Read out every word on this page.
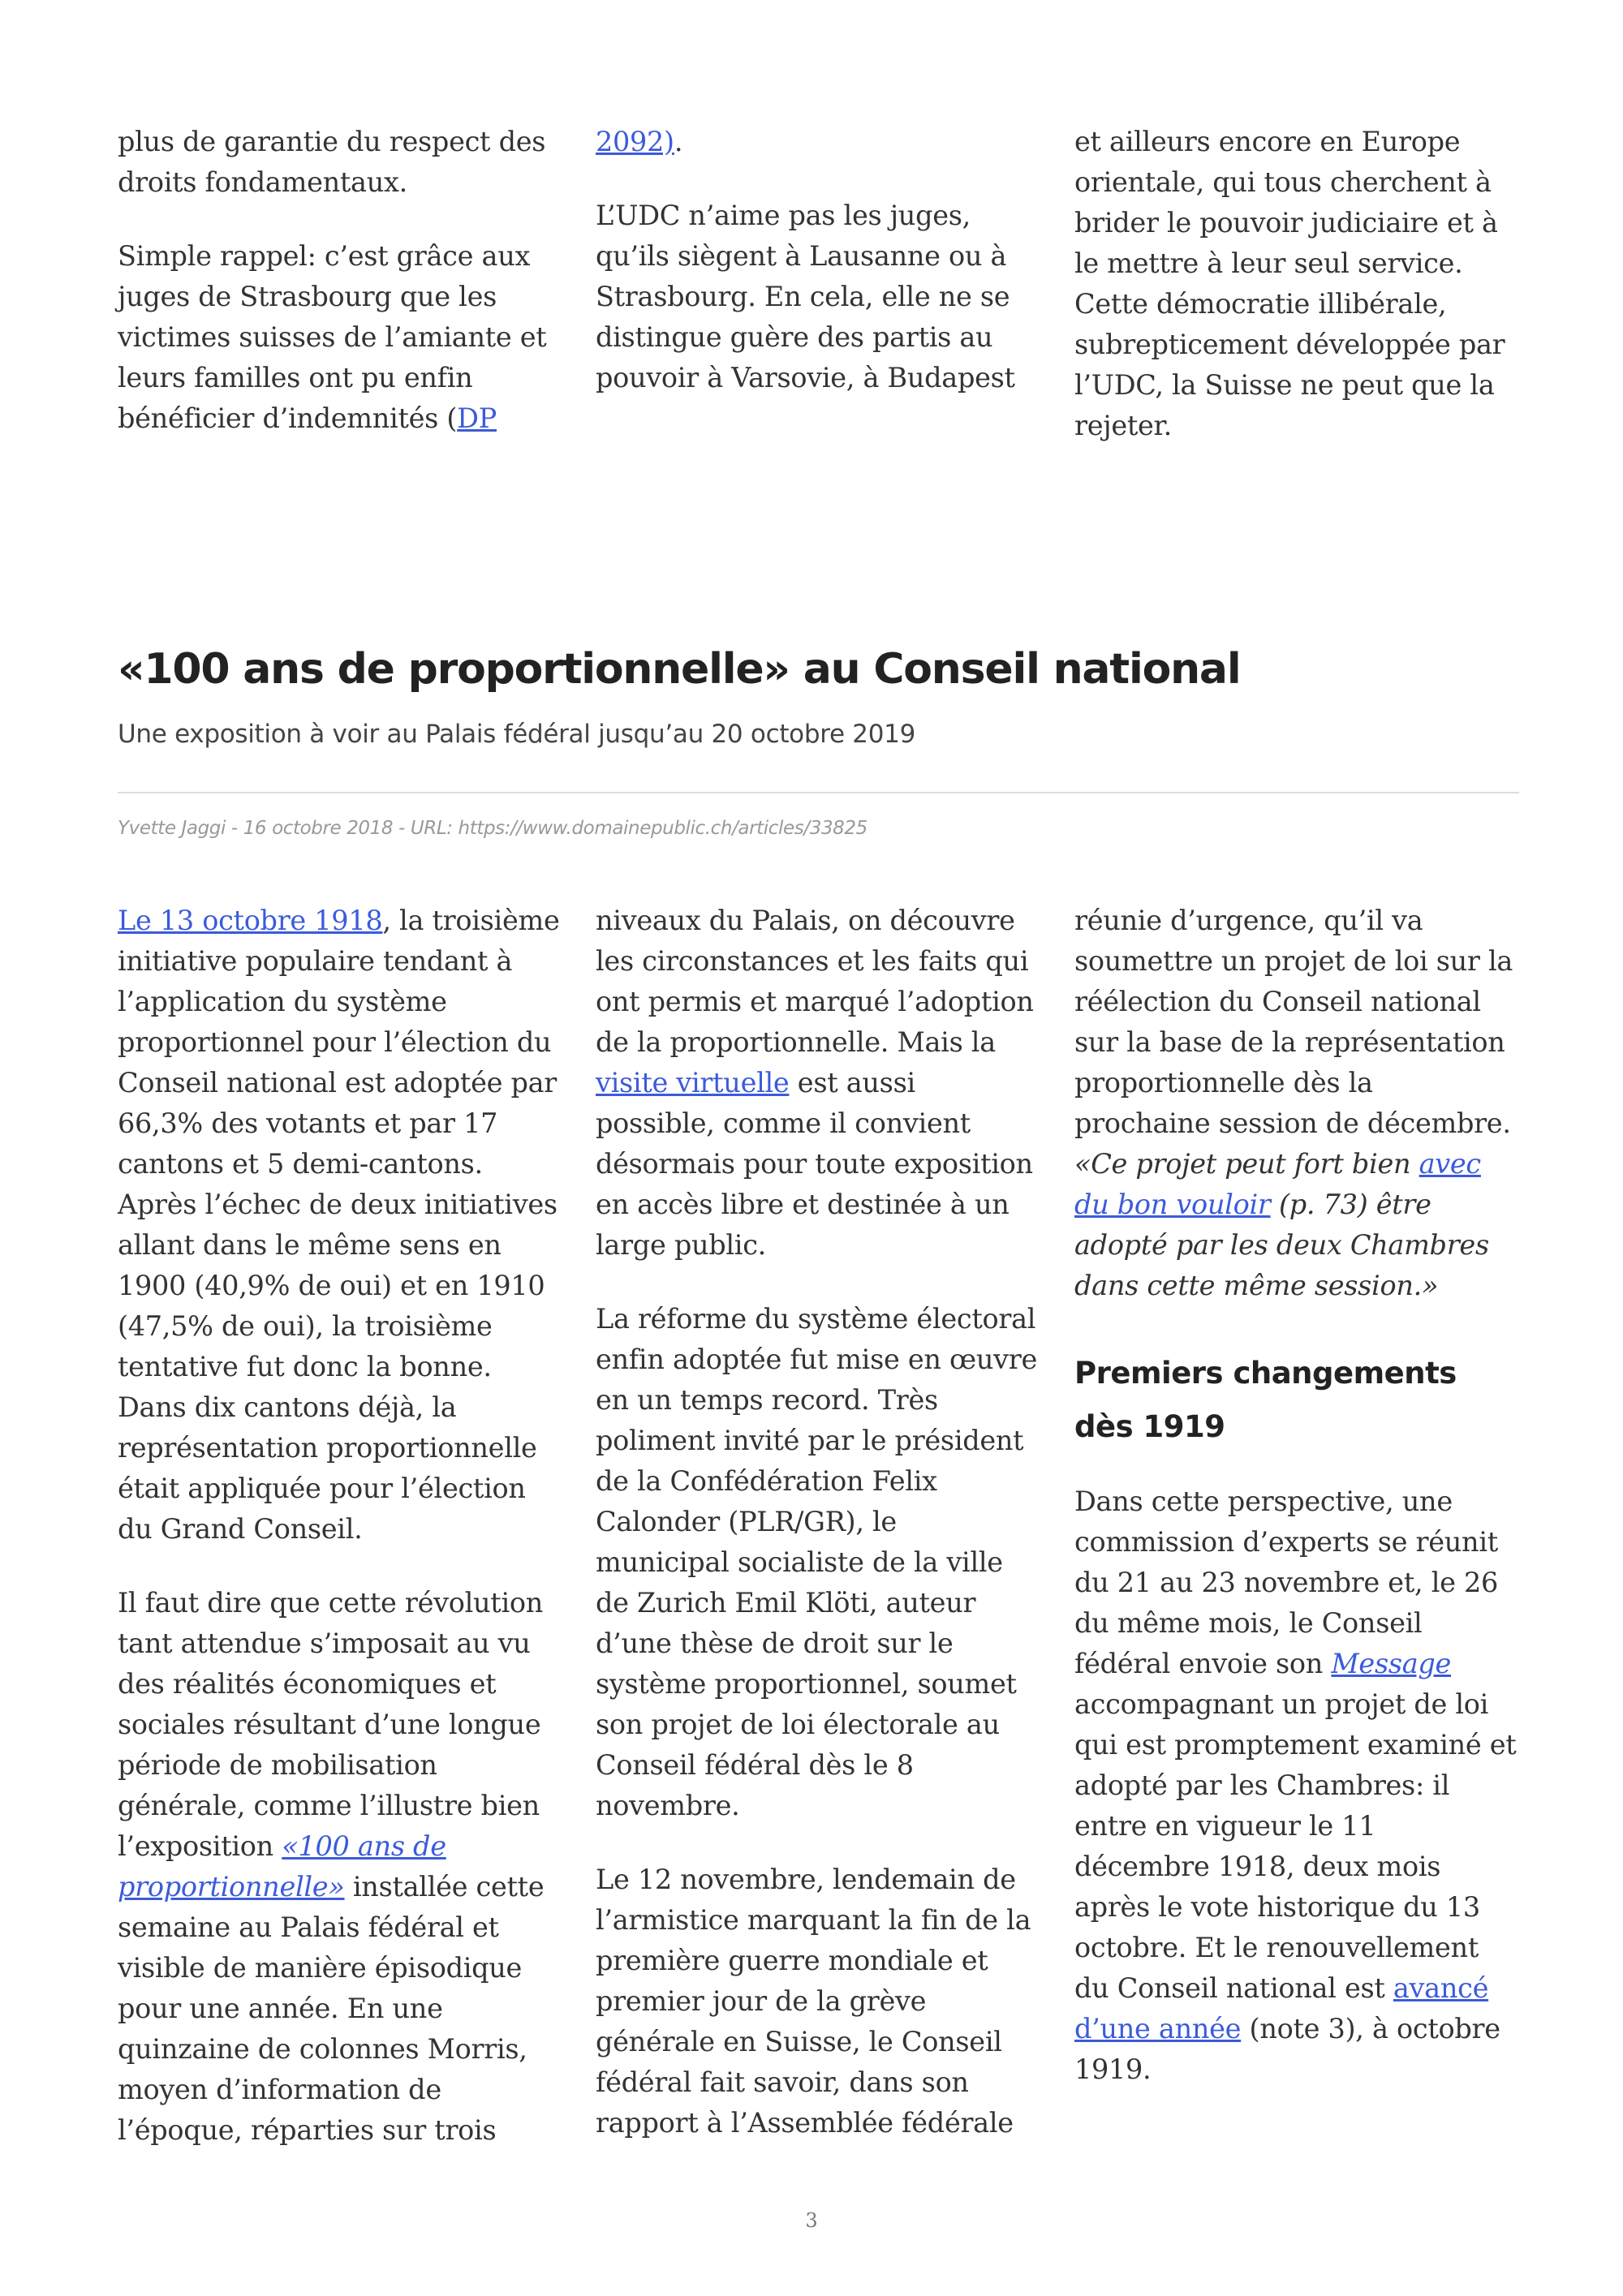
plus de garantie du respect des droits fondamentaux.

Simple rappel: c’est grâce aux juges de Strasbourg que les victimes suisses de l’amiante et leurs familles ont pu enfin bénéficier d’indemnités (DP

2092).

L’UDC n’aime pas les juges, qu’ils siègent à Lausanne ou à Strasbourg. En cela, elle ne se distingue guère des partis au pouvoir à Varsovie, à Budapest

et ailleurs encore en Europe orientale, qui tous cherchent à brider le pouvoir judiciaire et à le mettre à leur seul service. Cette démocratie illibérale, subrepticement développée par l’UDC, la Suisse ne peut que la rejeter.

«100 ans de proportionnelle» au Conseil national

Une exposition à voir au Palais fédéral jusqu’au 20 octobre 2019

Yvette Jaggi - 16 octobre 2018 - URL: https://www.domainepublic.ch/articles/33825

Le 13 octobre 1918, la troisième initiative populaire tendant à l’application du système proportionnel pour l’élection du Conseil national est adoptée par 66,3% des votants et par 17 cantons et 5 demi-cantons. Après l’échec de deux initiatives allant dans le même sens en 1900 (40,9% de oui) et en 1910 (47,5% de oui), la troisième tentative fut donc la bonne. Dans dix cantons déjà, la représentation proportionnelle était appliquée pour l’élection du Grand Conseil.

Il faut dire que cette révolution tant attendue s’imposait au vu des réalités économiques et sociales résultant d’une longue période de mobilisation générale, comme l’illustre bien l’exposition «100 ans de proportionnelle» installée cette semaine au Palais fédéral et visible de manière épisodique pour une année. En une quinzaine de colonnes Morris, moyen d’information de l’époque, réparties sur trois

niveaux du Palais, on découvre les circonstances et les faits qui ont permis et marqué l’adoption de la proportionnelle. Mais la visite virtuelle est aussi possible, comme il convient désormais pour toute exposition en accès libre et destinée à un large public.

La réforme du système électoral enfin adoptée fut mise en œuvre en un temps record. Très poliment invité par le président de la Confédération Felix Calonder (PLR/GR), le municipal socialiste de la ville de Zurich Emil Klöti, auteur d’une thèse de droit sur le système proportionnel, soumet son projet de loi électorale au Conseil fédéral dès le 8 novembre.

Le 12 novembre, lendemain de l’armistice marquant la fin de la première guerre mondiale et premier jour de la grève générale en Suisse, le Conseil fédéral fait savoir, dans son rapport à l’Assemblée fédérale

réunie d’urgence, qu’il va soumettre un projet de loi sur la réélection du Conseil national sur la base de la représentation proportionnelle dès la prochaine session de décembre. «Ce projet peut fort bien avec du bon vouloir (p. 73) être adopté par les deux Chambres dans cette même session.»

Premiers changements dès 1919

Dans cette perspective, une commission d’experts se réunit du 21 au 23 novembre et, le 26 du même mois, le Conseil fédéral envoie son Message accompagnant un projet de loi qui est promptement examiné et adopté par les Chambres: il entre en vigueur le 11 décembre 1918, deux mois après le vote historique du 13 octobre. Et le renouvellement du Conseil national est avancé d’une année (note 3), à octobre 1919.

3
